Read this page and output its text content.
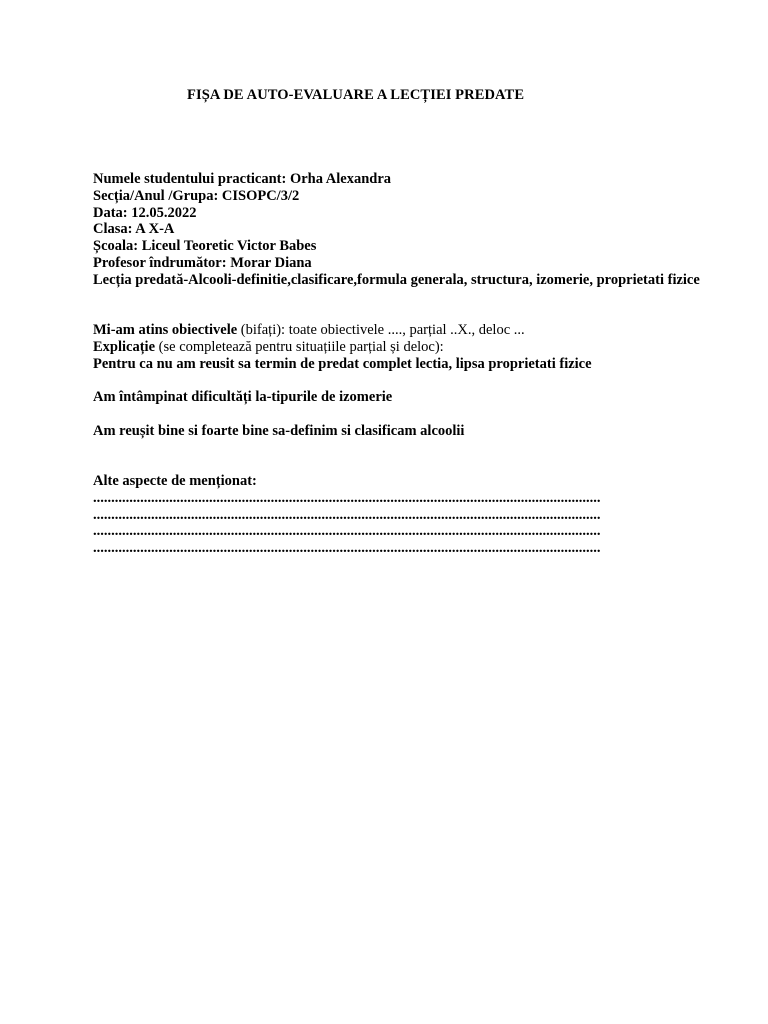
FIȘA DE AUTO-EVALUARE A LECȚIEI PREDATE
Numele studentului practicant: Orha Alexandra
Secția/Anul /Grupa: CISOPC/3/2
Data: 12.05.2022
Clasa: A X-A
Școala: Liceul Teoretic Victor Babes
Profesor îndrumător: Morar Diana
Lecția predată-Alcooli-definitie,clasificare,formula generala, structura, izomerie, proprietati fizice
Mi-am atins obiectivele (bifați): toate obiectivele ...., parțial ..X., deloc ...
Explicație (se completează pentru situațiile parțial și deloc):
Pentru ca nu am reusit sa termin de predat complet lectia, lipsa proprietati fizice
Am întâmpinat dificultăți la-tipurile de izomerie
Am reușit bine si foarte bine sa-definim si clasificam alcoolii
Alte aspecte de menționat:
............................................................................................................................................
............................................................................................................................................
............................................................................................................................................
............................................................................................................................................
